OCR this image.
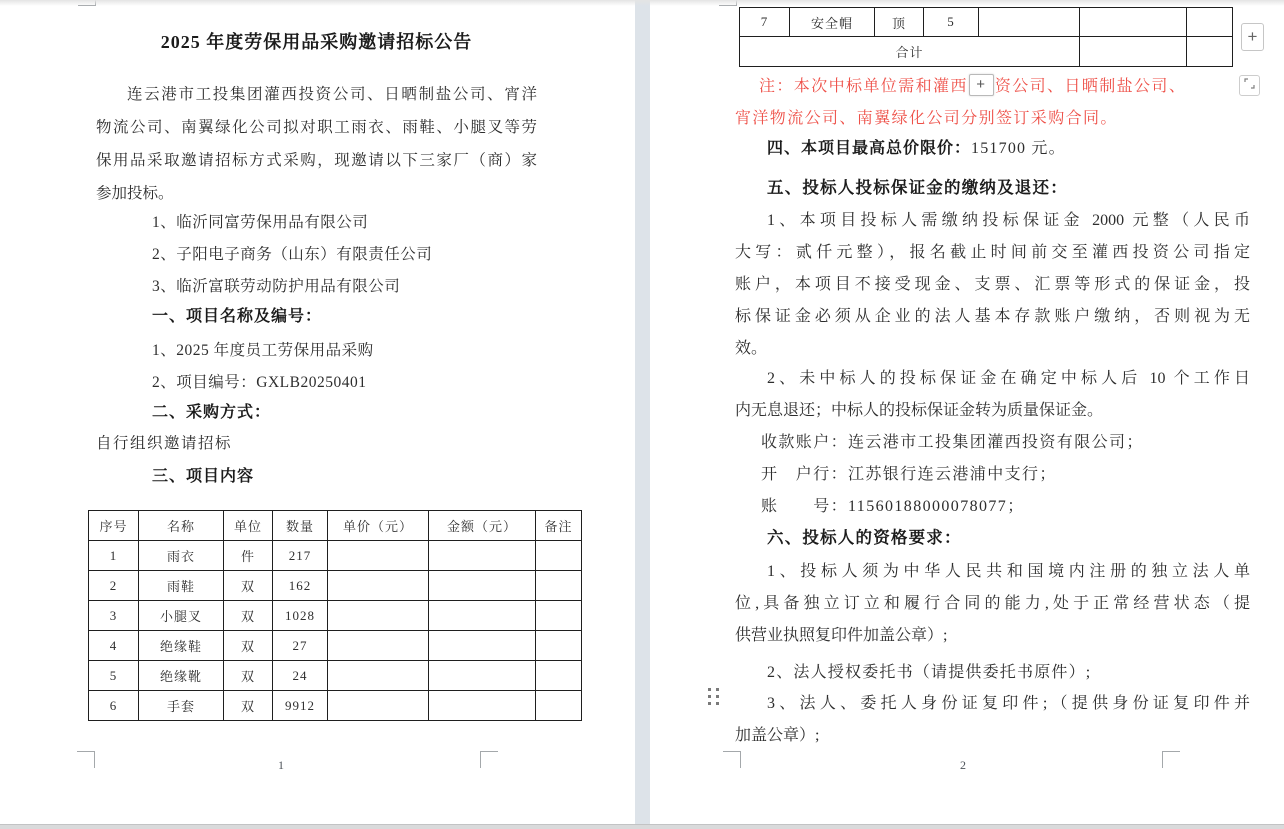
2025 年度劳保用品采购邀请招标公告
连云港市工投集团灌西投资公司、日晒制盐公司、宵洋
物流公司、南翼绿化公司拟对职工雨衣、雨鞋、小腿叉等劳
保用品采取邀请招标方式采购，现邀请以下三家厂（商）家
参加投标。
1、临沂同富劳保用品有限公司
2、子阳电子商务（山东）有限责任公司
3、临沂富联劳动防护用品有限公司
一、项目名称及编号：
1、2025 年度员工劳保用品采购
2、项目编号：GXLB20250401
二、采购方式：
自行组织邀请招标
三、项目内容
序号	名称	单位	数量	单价（元）	金额（元）	备注
1	雨衣	件	217			
2	雨鞋	双	162			
3	小腿叉	双	1028			
4	绝缘鞋	双	27			
5	绝缘靴	双	24			
6	手套	双	9912			
1
7	安全帽	顶	5			
合计						
注：本次中标单位需和灌西 + 资公司、日晒制盐公司、
宵洋物流公司、南翼绿化公司分别签订采购合同。
四、本项目最高总价限价：151700 元。
五、投标人投标保证金的缴纳及退还：
1、本项目投标人需缴纳投标保证金 2000 元整（人民币
大写：贰仟元整），报名截止时间前交至灌西投资公司指定
账户，本项目不接受现金、支票、汇票等形式的保证金，投
标保证金必须从企业的法人基本存款账户缴纳，否则视为无
效。
2、未中标人的投标保证金在确定中标人后 10 个工作日
内无息退还；中标人的投标保证金转为质量保证金。
收款账户：连云港市工投集团灌西投资有限公司；
开　户行：江苏银行连云港浦中支行；
账　　号：11560188000078077；
六、投标人的资格要求：
1、投标人须为中华人民共和国境内注册的独立法人单
位,具备独立订立和履行合同的能力,处于正常经营状态（提
供营业执照复印件加盖公章）;
2、法人授权委托书（请提供委托书原件）;
3、法人、委托人身份证复印件;（提供身份证复印件并
加盖公章）;
2
+
